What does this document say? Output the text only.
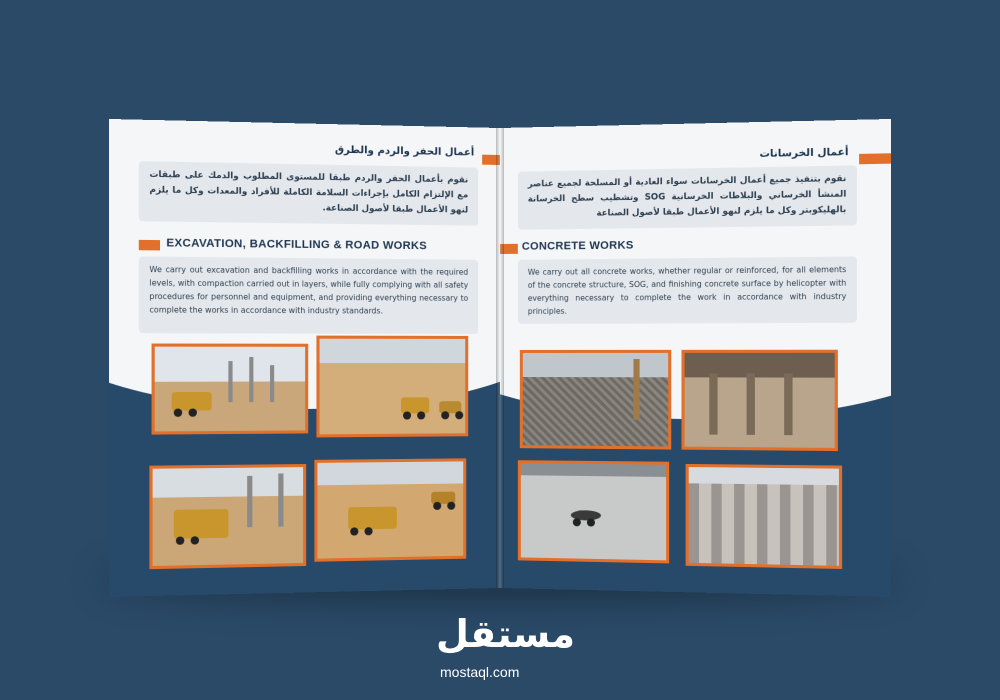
أعمال الحفر والردم والطرق
نقوم بأعمال الحفر والردم طبقا للمستوى المطلوب والدمك على طبقات مع الإلتزام الكامل بإجراءات السلامة الكاملة للأفراد والمعدات وكل ما يلزم لنهو الأعمال طبقا لأصول الصناعة.
EXCAVATION, BACKFILLING & ROAD WORKS
We carry out excavation and backfilling works in accordance with the required levels, with compaction carried out in layers, while fully complying with all safety procedures for personnel and equipment, and providing everything necessary to complete the works in accordance with industry standards.
أعمال الخرسانات
نقوم بتنفيذ جميع أعمال الخرسانات سواء العادية أو المسلحة لجميع عناصر المنشأ الخرساني والبلاطات الخرسانية SOG وتشطيب سطح الخرسانة بالهليكوبتر وكل ما يلزم لنهو الأعمال طبقا لأصول الصناعة
CONCRETE WORKS
We carry out all concrete works, whether regular or reinforced, for all elements of the concrete structure, SOG, and finishing concrete surface by helicopter with everything necessary to complete the work in accordance with industry principles.
مستقل
mostaql.com
